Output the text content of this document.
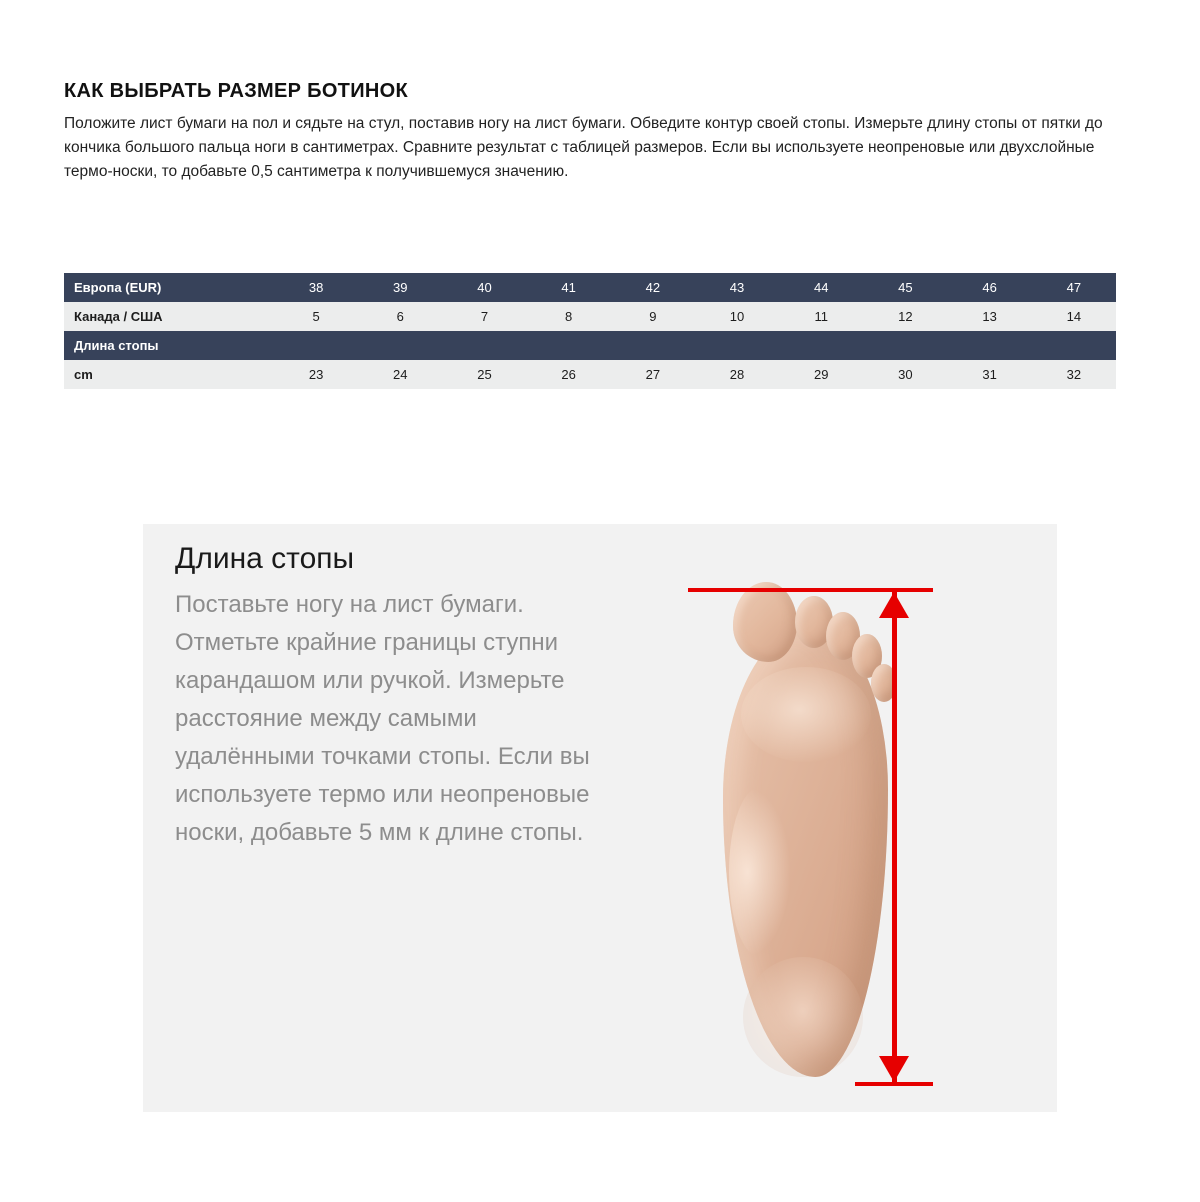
КАК ВЫБРАТЬ РАЗМЕР БОТИНОК

Положите лист бумаги на пол и сядьте на стул, поставив ногу на лист бумаги. Обведите контур своей стопы. Измерьте длину стопы от пятки до кончика большого пальца ноги в сантиметрах. Сравните результат с таблицей размеров. Если вы используете неопреновые или двухслойные термо-носки, то добавьте 0,5 сантиметра к получившемуся значению.

Европа (EUR)	38	39	40	41	42	43	44	45	46	47
Канада / США	5	6	7	8	9	10	11	12	13	14
Длина стопы										
cm	23	24	25	26	27	28	29	30	31	32
Длина стопы

Поставьте ногу на лист бумаги. Отметьте крайние границы ступни карандашом или ручкой. Измерьте расстояние между самыми удалёнными точками стопы. Если вы используете термо или неопреновые носки, добавьте 5 мм к длине стопы.
